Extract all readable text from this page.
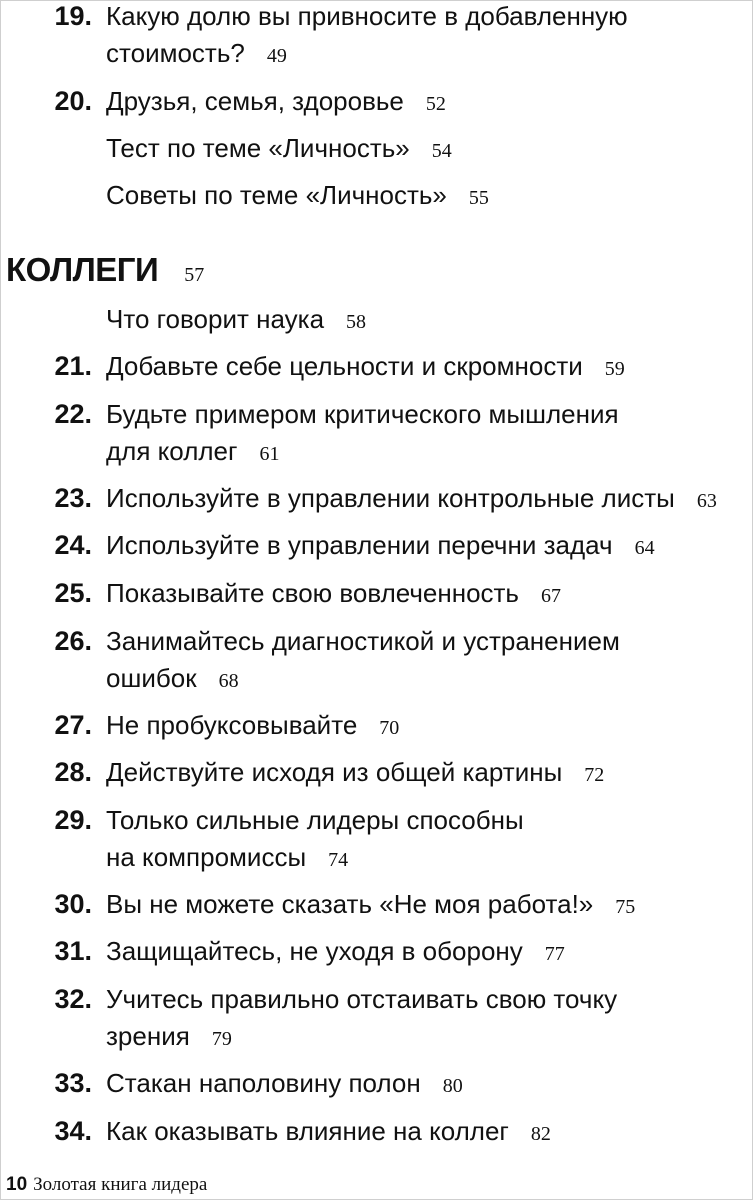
19. Какую долю вы привносите в добавленную
стоимость? 49
20. Друзья, семья, здоровье 52
Тест по теме «Личность» 54
Советы по теме «Личность» 55
КОЛЛЕГИ 57
Что говорит наука 58
21. Добавьте себе цельности и скромности 59
22. Будьте примером критического мышления
для коллег 61
23. Используйте в управлении контрольные листы 63
24. Используйте в управлении перечни задач 64
25. Показывайте свою вовлеченность 67
26. Занимайтесь диагностикой и устранением
ошибок 68
27. Не пробуксовывайте 70
28. Действуйте исходя из общей картины 72
29. Только сильные лидеры способны
на компромиссы 74
30. Вы не можете сказать «Не моя работа!» 75
31. Защищайтесь, не уходя в оборону 77
32. Учитесь правильно отстаивать свою точку
зрения 79
33. Стакан наполовину полон 80
34. Как оказывать влияние на коллег 82
10 Золотая книга лидера
